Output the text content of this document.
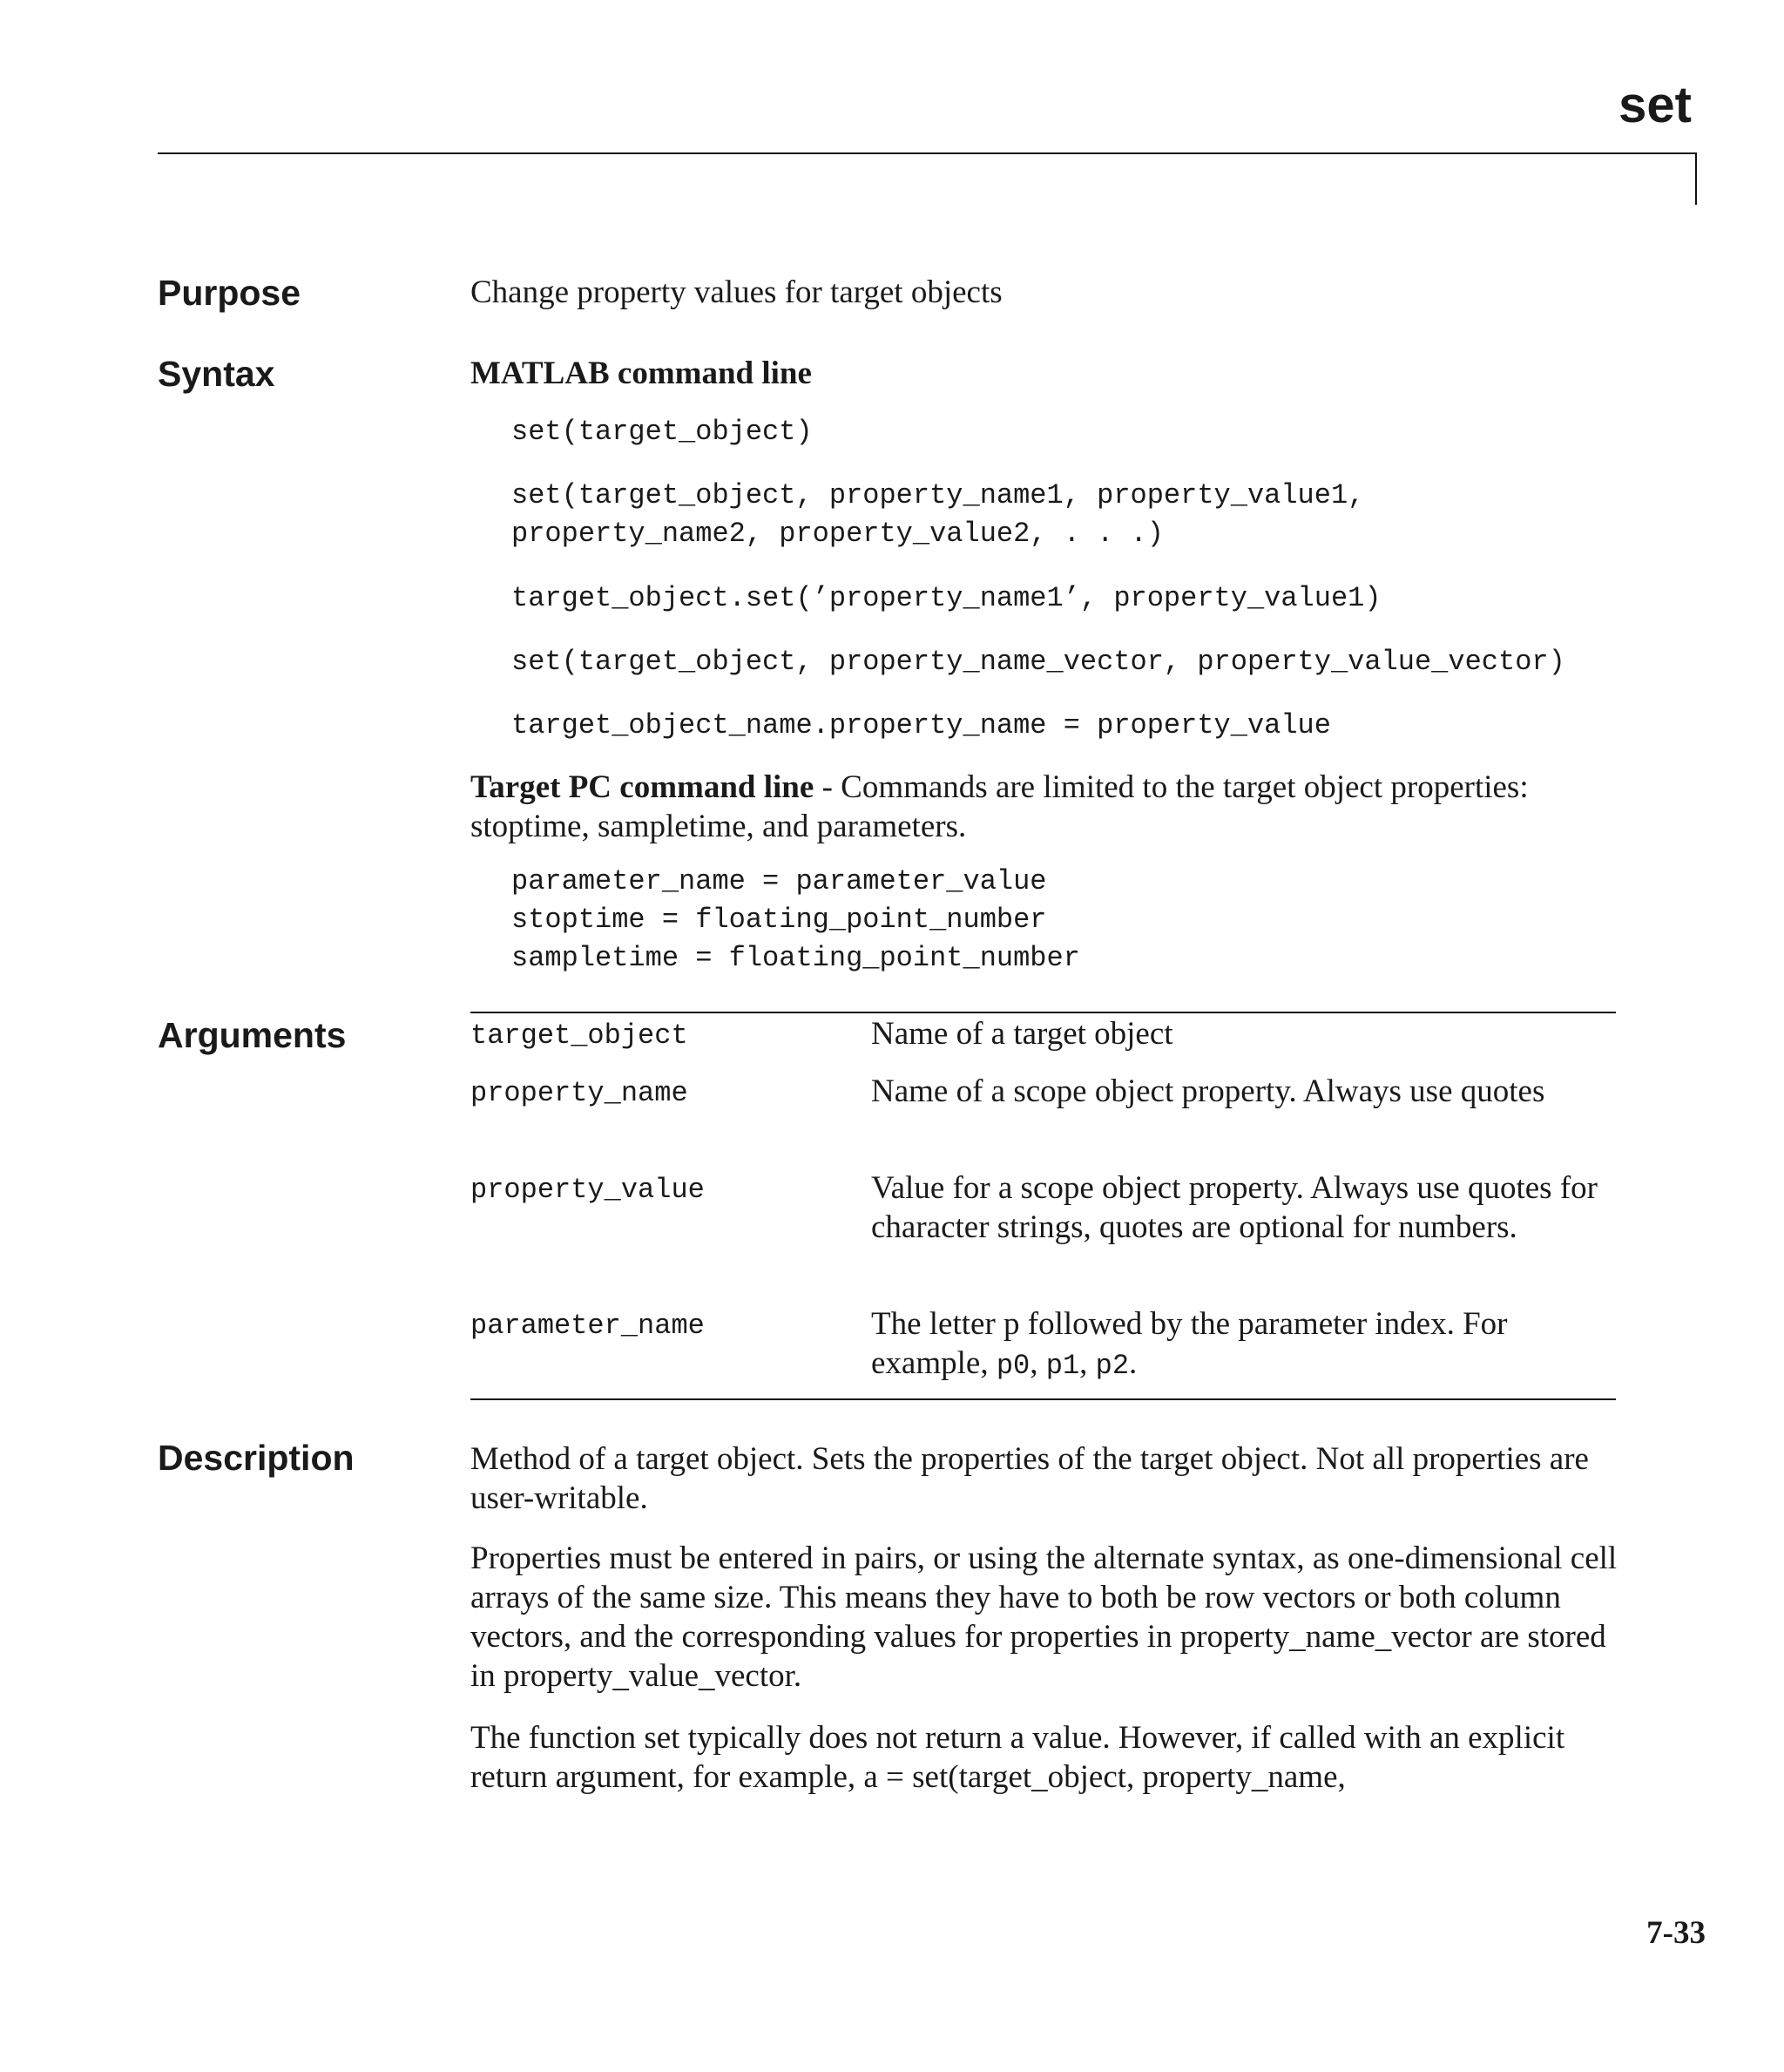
set
Purpose	Change property values for target objects

Syntax	MATLAB command line

set(target_object)

set(target_object, property_name1, property_value1,
property_name2, property_value2, . . .)

target_object.set(’property_name1’, property_value1)

set(target_object, property_name_vector, property_value_vector)

target_object_name.property_name = property_value

Target PC command line - Commands are limited to the target object properties: stoptime, sampletime, and parameters.

parameter_name = parameter_value
stoptime = floating_point_number
sampletime = floating_point_number

Arguments	target_object	Name of a target object

property_name	Name of a scope object property. Always use quotes

property_value	Value for a scope object property. Always use quotes for character strings, quotes are optional for numbers.

parameter_name	The letter p followed by the parameter index. For example, p0, p1, p2.

Description	Method of a target object. Sets the properties of the target object. Not all properties are user-writable.

Properties must be entered in pairs, or using the alternate syntax, as one-dimensional cell arrays of the same size. This means they have to both be row vectors or both column vectors, and the corresponding values for properties in property_name_vector are stored in property_value_vector.

The function set typically does not return a value. However, if called with an explicit return argument, for example, a = set(target_object, property_name,

7-33
